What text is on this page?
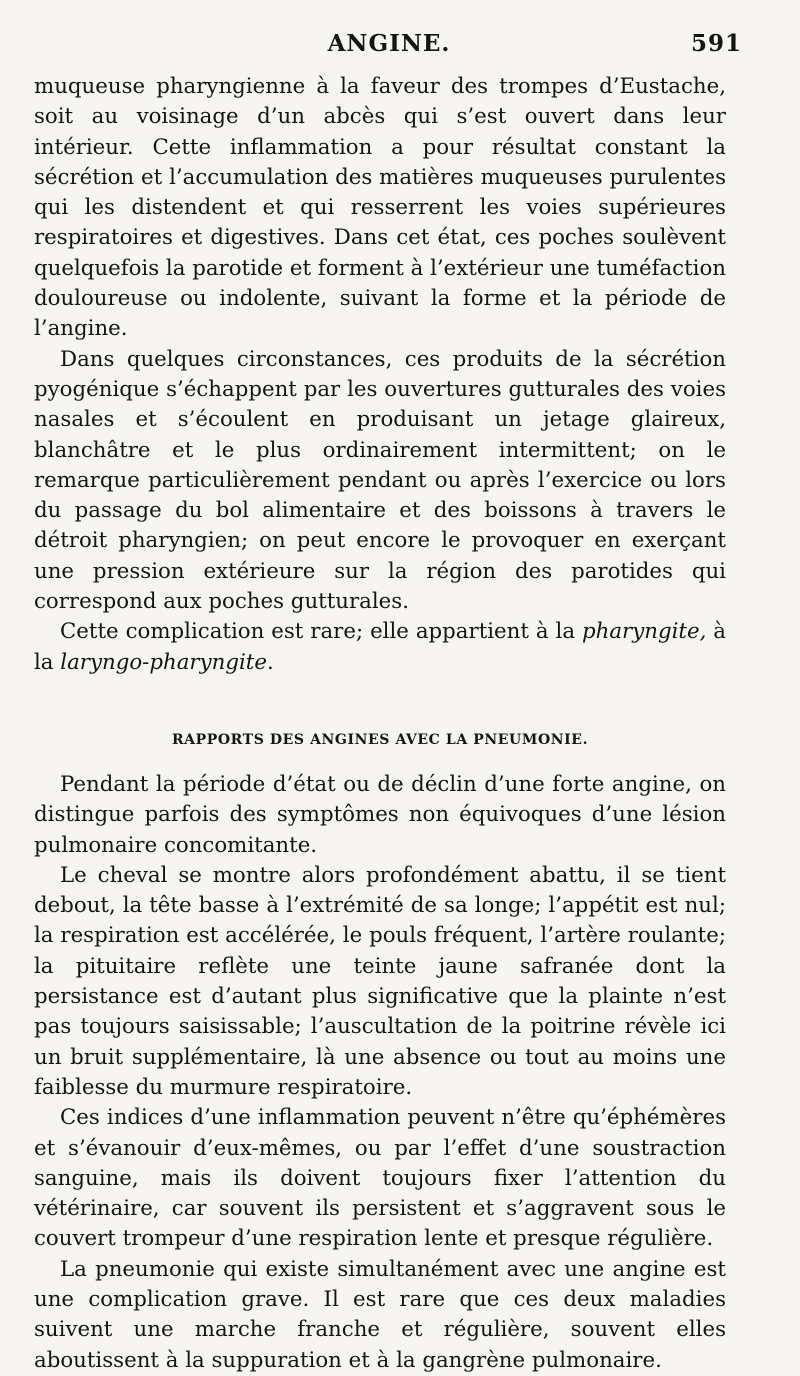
ANGINE.	591

muqueuse pharyngienne à la faveur des trompes d’Eustache, soit au voisinage d’un abcès qui s’est ouvert dans leur intérieur. Cette inflammation a pour résultat constant la sécrétion et l’accumulation des matières muqueuses purulentes qui les distendent et qui resserrent les voies supérieures respiratoires et digestives. Dans cet état, ces poches soulèvent quelquefois la parotide et forment à l’extérieur une tuméfaction douloureuse ou indolente, suivant la forme et la période de l’angine.

Dans quelques circonstances, ces produits de la sécrétion pyogénique s’échappent par les ouvertures gutturales des voies nasales et s’écoulent en produisant un jetage glaireux, blanchâtre et le plus ordinairement intermittent; on le remarque particulièrement pendant ou après l’exercice ou lors du passage du bol alimentaire et des boissons à travers le détroit pharyngien; on peut encore le provoquer en exerçant une pression extérieure sur la région des parotides qui correspond aux poches gutturales.

Cette complication est rare; elle appartient à la pharyngite, à la laryngo-pharyngite.

RAPPORTS DES ANGINES AVEC LA PNEUMONIE.

Pendant la période d’état ou de déclin d’une forte angine, on distingue parfois des symptômes non équivoques d’une lésion pulmonaire concomitante.

Le cheval se montre alors profondément abattu, il se tient debout, la tête basse à l’extrémité de sa longe; l’appétit est nul; la respiration est accélérée, le pouls fréquent, l’artère roulante; la pituitaire reflète une teinte jaune safranée dont la persistance est d’autant plus significative que la plainte n’est pas toujours saisissable; l’auscultation de la poitrine révèle ici un bruit supplémentaire, là une absence ou tout au moins une faiblesse du murmure respiratoire.

Ces indices d’une inflammation peuvent n’être qu’éphémères et s’évanouir d’eux-mêmes, ou par l’effet d’une soustraction sanguine, mais ils doivent toujours fixer l’attention du vétérinaire, car souvent ils persistent et s’aggravent sous le couvert trompeur d’une respiration lente et presque régulière.

La pneumonie qui existe simultanément avec une angine est une complication grave. Il est rare que ces deux maladies suivent une marche franche et régulière, souvent elles aboutissent à la suppuration et à la gangrène pulmonaire.
